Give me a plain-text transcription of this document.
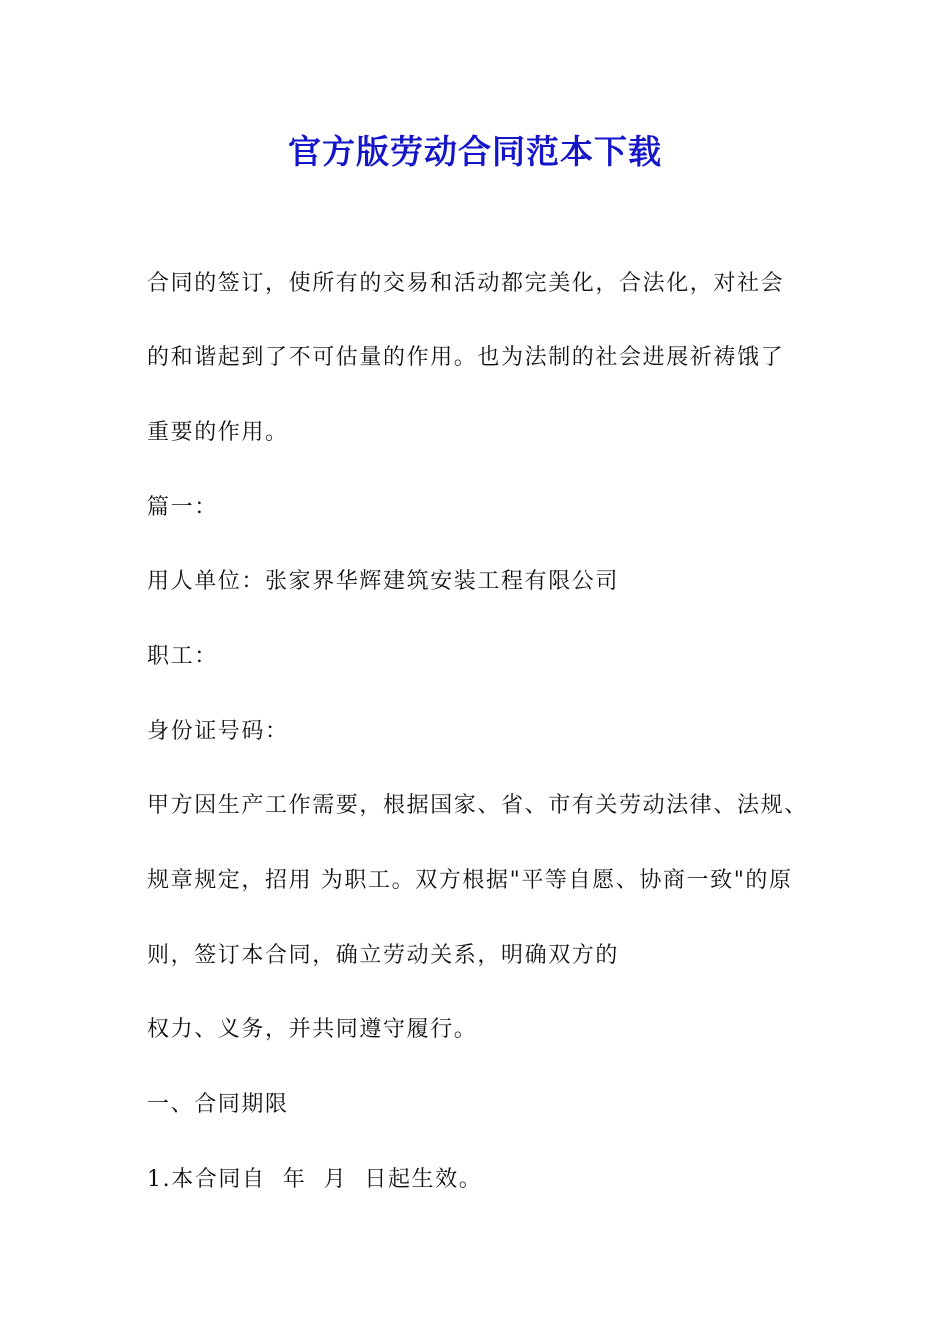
官方版劳动合同范本下载
合同的签订，使所有的交易和活动都完美化，合法化，对社会
的和谐起到了不可估量的作用。也为法制的社会进展祈祷饿了
重要的作用。
篇一：
用人单位：张家界华辉建筑安装工程有限公司
职工：
身份证号码：
甲方因生产工作需要，根据国家、省、市有关劳动法律、法规、
规章规定，招用 为职工。双方根据"平等自愿、协商一致"的原
则，签订本合同，确立劳动关系，明确双方的
权力、义务，并共同遵守履行。
一、合同期限
1.本合同自  年  月  日起生效。
